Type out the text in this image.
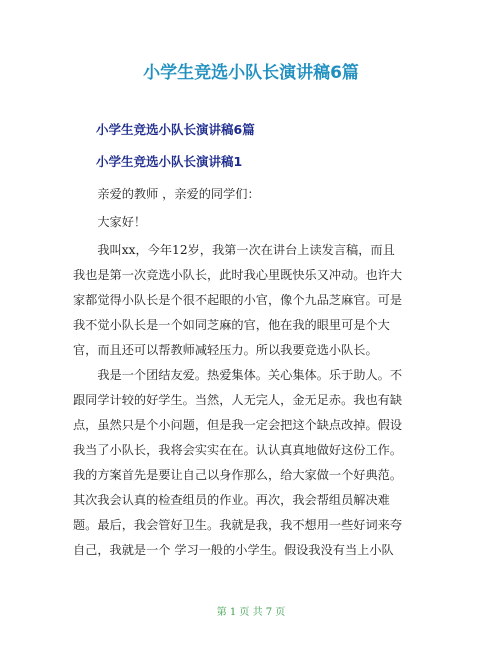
小学生竞选小队长演讲稿6篇
小学生竞选小队长演讲稿6篇
小学生竞选小队长演讲稿1
　　亲爱的教师 ，亲爱的同学们：
　　大家好！
　　我叫xx，今年12岁，我第一次在讲台上读发言稿，而且
我也是第一次竞选小队长，此时我心里既快乐又冲动。也许大
家都觉得小队长是个很不起眼的小官，像个九品芝麻官。可是
我不觉小队长是一个如同芝麻的官，他在我的眼里可是个大
官，而且还可以帮教师减轻压力。所以我要竞选小队长。
　　我是一个团结友爱。热爱集体。关心集体。乐于助人。不
跟同学计较的好学生。当然，人无完人，金无足赤。我也有缺
点，虽然只是个小问题，但是我一定会把这个缺点改掉。假设
我当了小队长，我将会实实在在。认认真真地做好这份工作。
我的方案首先是要让自己以身作那么，给大家做一个好典范。
其次我会认真的检查组员的作业。再次，我会帮组员解决难
题。最后，我会管好卫生。我就是我，我不想用一些好词来夸
自己，我就是一个 学习一般的小学生。假设我没有当上小队
第 1 页 共 7 页
